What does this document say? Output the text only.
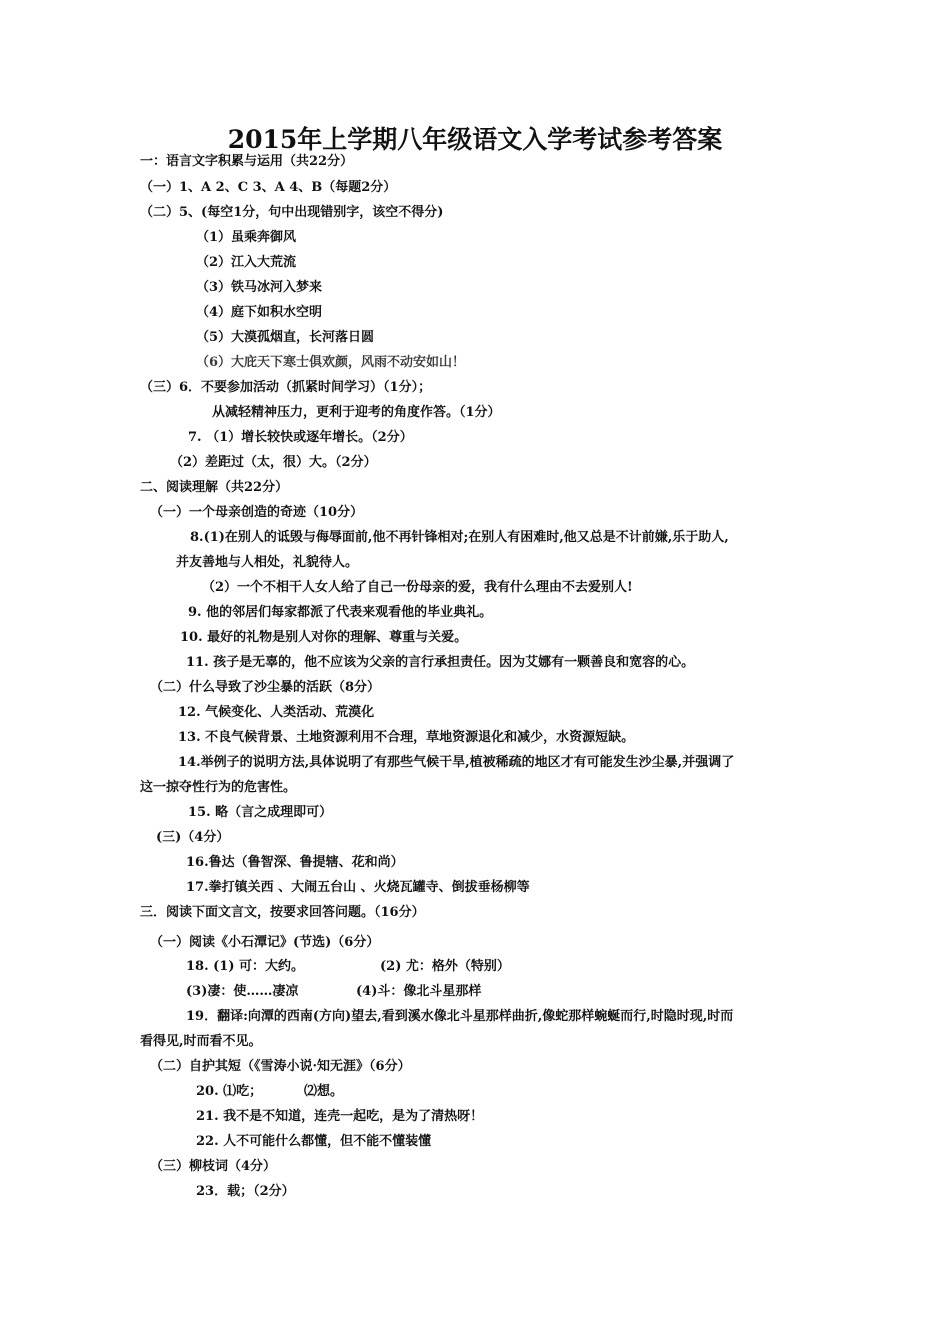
2015年上学期八年级语文入学考试参考答案
一：语言文字积累与运用（共22分）
（一）1、A 2、C 3、A 4、B（每题2分）
（二）5、(每空1分，句中出现错别字，该空不得分)
（1）虽乘奔御风
（2）江入大荒流
（3）铁马冰河入梦来
（4）庭下如积水空明
（5）大漠孤烟直，长河落日圆
（6）大庇天下寒士俱欢颜，风雨不动安如山！
（三）6．不要参加活动（抓紧时间学习）（1分）；
从减轻精神压力，更利于迎考的角度作答。（1分）
7. （1）增长较快或逐年增长。（2分）
（2）差距过（太，很）大。（2分）
二、阅读理解（共22分）
（一）一个母亲创造的奇迹（10分）
8.(1)在别人的诋毁与侮辱面前,他不再针锋相对;在别人有困难时,他又总是不计前嫌,乐于助人,
并友善地与人相处，礼貌待人。
（2）一个不相干人女人给了自己一份母亲的爱，我有什么理由不去爱别人!
9. 他的邻居们每家都派了代表来观看他的毕业典礼。
10. 最好的礼物是别人对你的理解、尊重与关爱。
11. 孩子是无辜的，他不应该为父亲的言行承担责任。因为艾娜有一颗善良和宽容的心。
（二）什么导致了沙尘暴的活跃（8分）
12. 气候变化、人类活动、荒漠化
13. 不良气候背景、土地资源利用不合理，草地资源退化和减少，水资源短缺。
14.举例子的说明方法,具体说明了有那些气候干旱,植被稀疏的地区才有可能发生沙尘暴,并强调了
这一掠夺性行为的危害性。
15. 略（言之成理即可）
(三)（4分）
16.鲁达（鲁智深、鲁提辖、花和尚）
17.拳打镇关西 、大闹五台山 、火烧瓦罐寺、倒拔垂杨柳等
三．阅读下面文言文，按要求回答问题。（16分）
（一）阅读《小石潭记》(节选)（6分）
18. (1) 可：大约。	(2) 尤：格外（特别）
(3)凄：使……凄凉	(4)斗：像北斗星那样
19．翻译:向潭的西南(方向)望去,看到溪水像北斗星那样曲折,像蛇那样蜿蜒而行,时隐时现,时而
看得见,时而看不见。
（二）自护其短（《雪涛小说·知无涯》（6分）
20. ⑴吃；	⑵想。
21. 我不是不知道，连壳一起吃，是为了清热呀！
22. 人不可能什么都懂，但不能不懂装懂
（三）柳枝词（4分）
23．载；（2分）
